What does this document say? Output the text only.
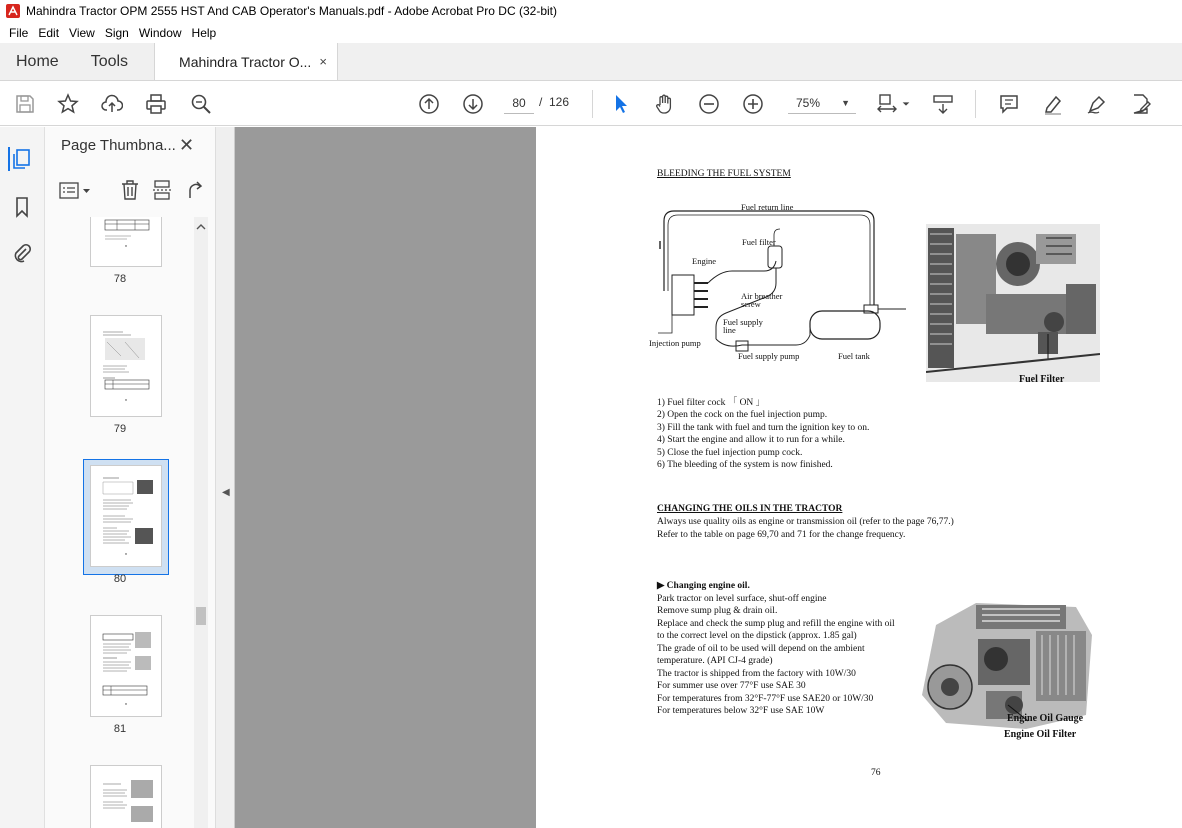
Mahindra Tractor OPM 2555 HST And CAB Operator's Manuals.pdf - Adobe Acrobat Pro DC (32-bit)
File Edit View Sign Window Help
Home	Tools	Mahindra Tractor O... ×
80
/ 126	75% ▼
Page Thumbna... ✕
78
79
80
81
◀
BLEEDING THE FUEL SYSTEM
Fuel return line
Fuel filter
Engine
Air breather
screw
Fuel supply
line
Injection pump
Fuel supply pump	Fuel tank
Fuel Filter
1) Fuel filter cock 「 ON 」
2) Open the cock on the fuel injection pump.
3) Fill the tank with fuel and turn the ignition key to on.
4) Start the engine and allow it to run for a while.
5) Close the fuel injection pump cock.
6) The bleeding of the system is now finished.
CHANGING THE OILS IN THE TRACTOR
Always use quality oils as engine or transmission oil (refer to the page 76,77.)
Refer to the table on page 69,70 and 71 for the change frequency.
▶ Changing engine oil.
Park tractor on level surface, shut-off engine
Remove sump plug & drain oil.
Replace and check the sump plug and refill the engine with oil
to the correct level on the dipstick (approx. 1.85 gal)
The grade of oil to be used will depend on the ambient
temperature. (API CJ-4 grade)
The tractor is shipped from the factory with 10W/30
For summer use over 77°F use SAE 30
For temperatures from 32°F-77°F use SAE20 or 10W/30
For temperatures below 32°F use SAE 10W
Engine Oil Gauge
Engine Oil Filter
76
